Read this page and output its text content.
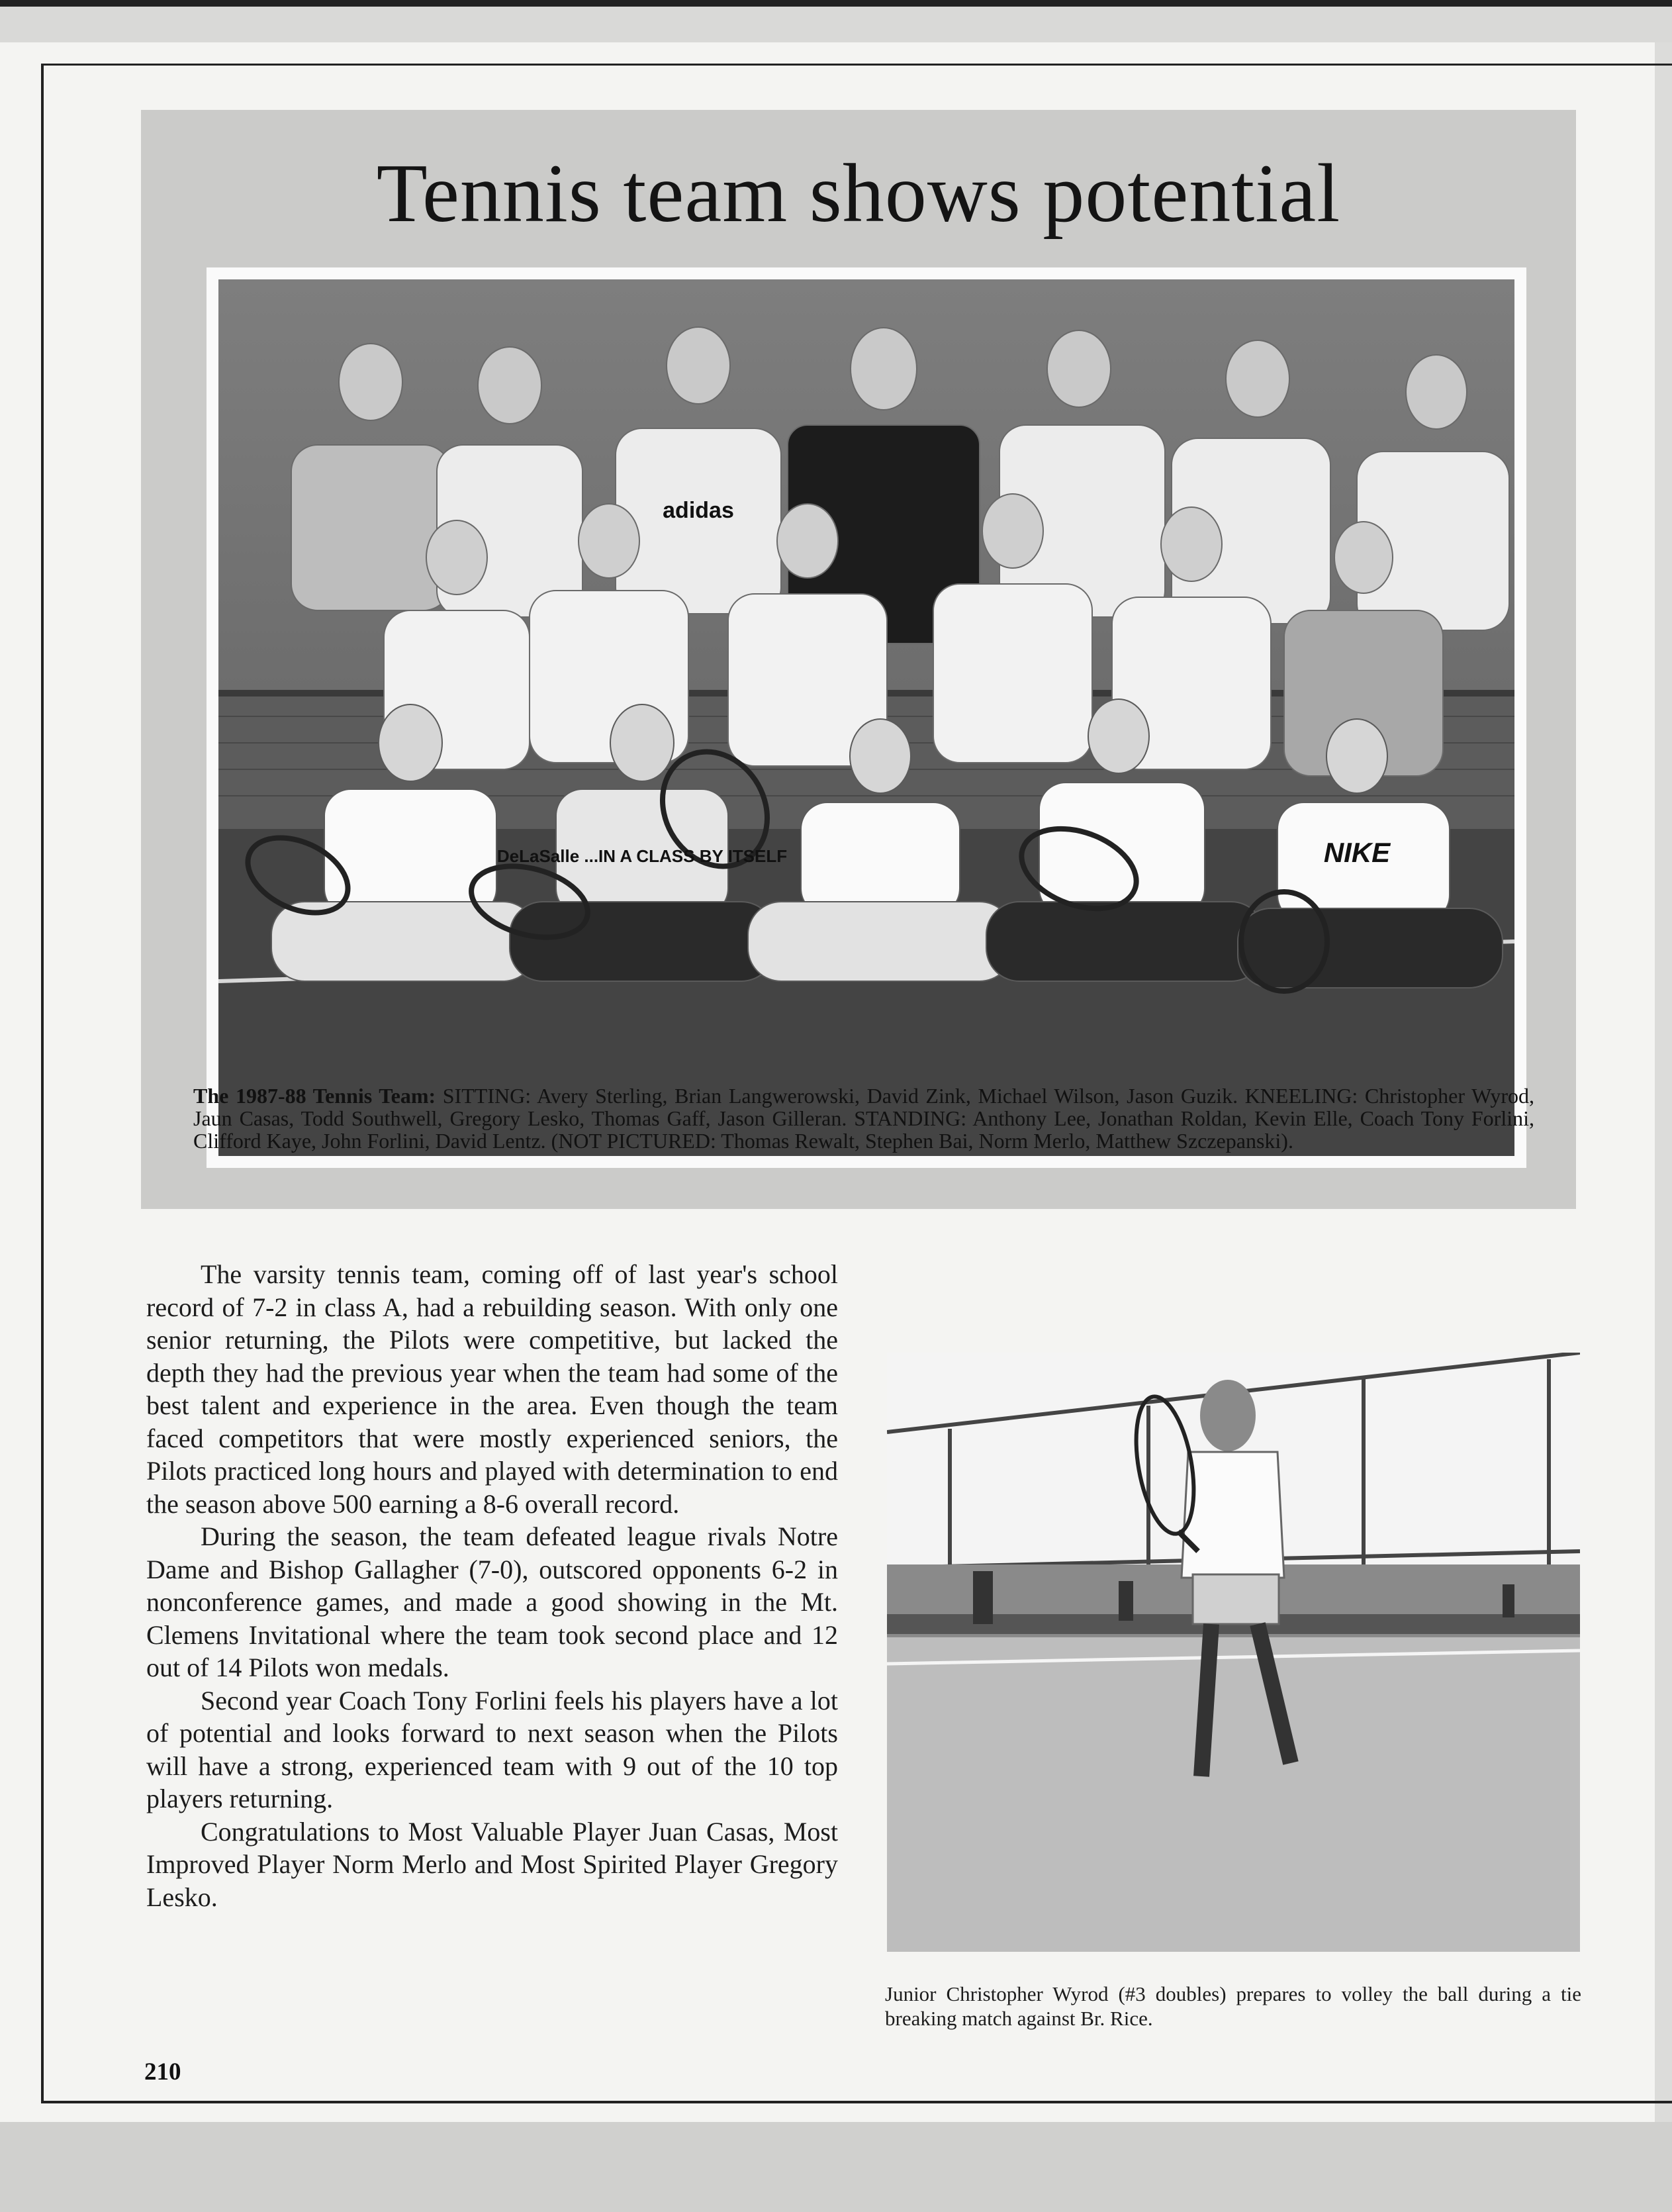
Tennis team shows potential
adidas
DeLaSalle ...IN A CLASS BY ITSELF	NIKE

The 1987-88 Tennis Team: SITTING: Avery Sterling, Brian Langwerowski, David Zink, Michael Wilson, Jason Guzik. KNEELING: Christopher Wyrod, Jaun Casas, Todd Southwell, Gregory Lesko, Thomas Gaff, Jason Gilleran. STANDING: Anthony Lee, Jonathan Roldan, Kevin Elle, Coach Tony Forlini, Clifford Kaye, John Forlini, David Lentz. (NOT PICTURED: Thomas Rewalt, Stephen Bai, Norm Merlo, Matthew Szczepanski).

The varsity tennis team, coming off of last year's school record of 7-2 in class A, had a rebuilding season. With only one senior returning, the Pilots were competitive, but lacked the depth they had the previous year when the team had some of the best talent and experience in the area. Even though the team faced competitors that were mostly experienced seniors, the Pilots practiced long hours and played with determination to end the season above 500 earning a 8-6 overall record.

During the season, the team defeated league rivals Notre Dame and Bishop Gallagher (7-0), outscored opponents 6-2 in nonconference games, and made a good showing in the Mt. Clemens Invitational where the team took second place and 12 out of 14 Pilots won medals.

Second year Coach Tony Forlini feels his players have a lot of potential and looks forward to next season when the Pilots will have a strong, experienced team with 9 out of the 10 top players returning.

Congratulations to Most Valuable Player Juan Casas, Most Improved Player Norm Merlo and Most Spirited Player Gregory Lesko.

Junior Christopher Wyrod (#3 doubles) prepares to volley the ball during a tie breaking match against Br. Rice.

210
